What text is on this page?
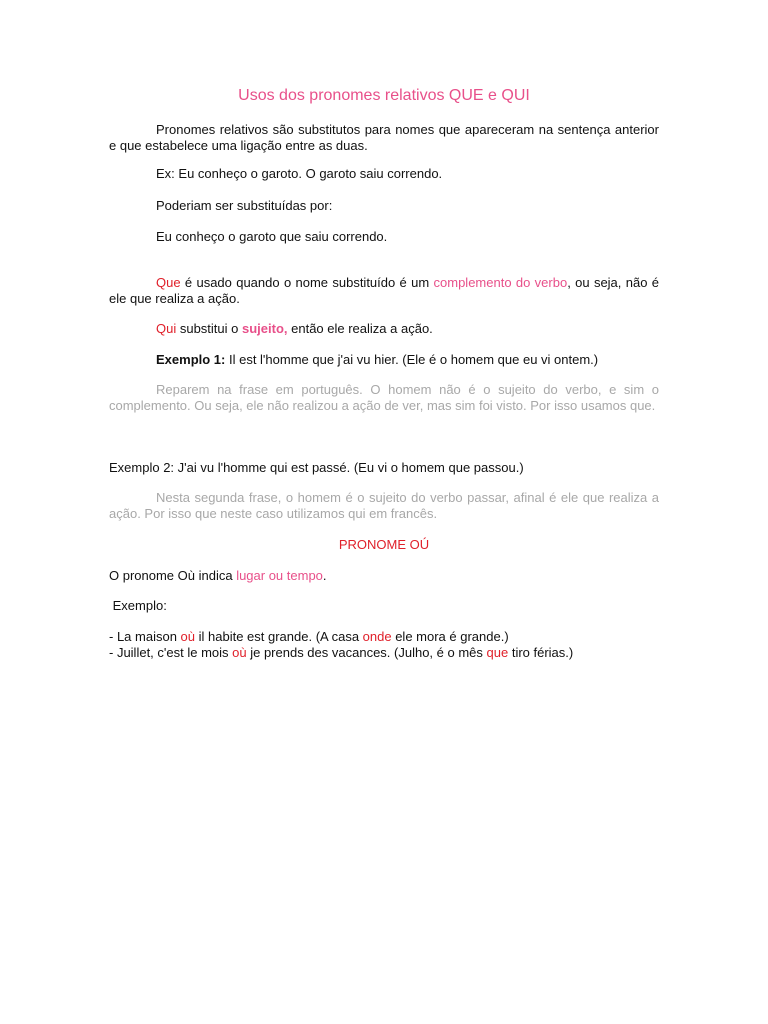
Usos dos pronomes relativos QUE e QUI
Pronomes relativos são substitutos para nomes que apareceram na sentença anterior e que estabelece uma ligação entre as duas.
Ex: Eu conheço o garoto. O garoto saiu correndo.
Poderiam ser substituídas por:
Eu conheço o garoto que saiu correndo.
Que é usado quando o nome substituído é um complemento do verbo, ou seja, não é ele que realiza a ação.
Qui substitui o sujeito, então ele realiza a ação.
Exemplo 1: Il est l'homme que j'ai vu hier. (Ele é o homem que eu vi ontem.)
Reparem na frase em português. O homem não é o sujeito do verbo, e sim o complemento. Ou seja, ele não realizou a ação de ver, mas sim foi visto. Por isso usamos que.
Exemplo 2: J'ai vu l'homme qui est passé. (Eu vi o homem que passou.)
Nesta segunda frase, o homem é o sujeito do verbo passar, afinal é ele que realiza a ação. Por isso que neste caso utilizamos qui em francês.
PRONOME OÚ
O pronome Où indica lugar ou tempo.
Exemplo:
- La maison où il habite est grande. (A casa onde ele mora é grande.)
- Juillet, c'est le mois où je prends des vacances. (Julho, é o mês que tiro férias.)
